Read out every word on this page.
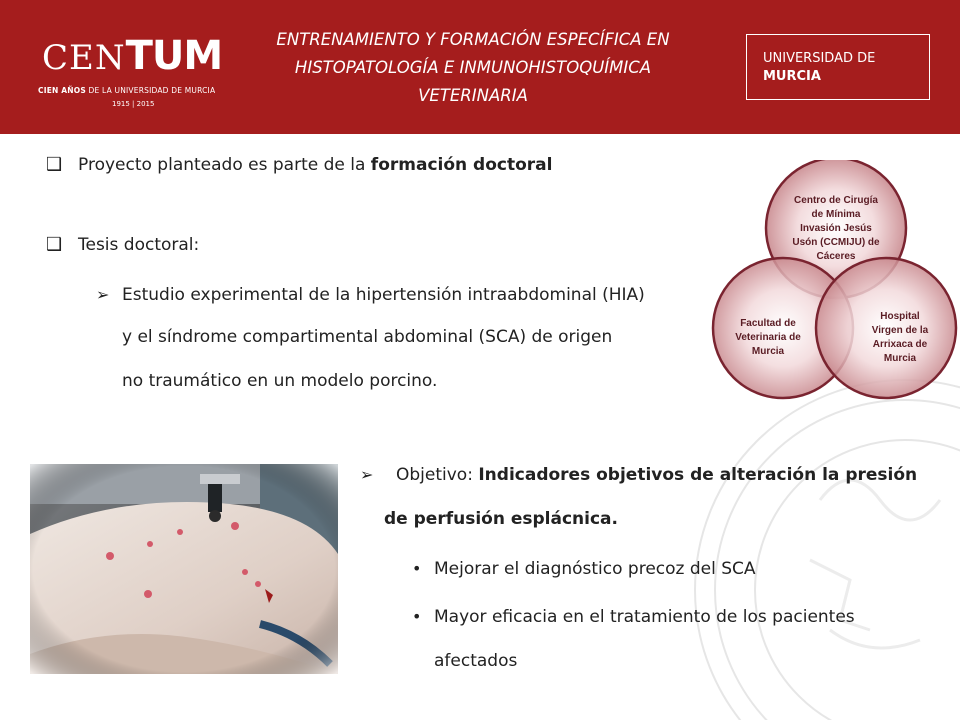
CENTUM
CIEN AÑOS DE LA UNIVERSIDAD DE MURCIA
1915 | 2015
ENTRENAMIENTO Y FORMACIÓN ESPECÍFICA EN
HISTOPATOLOGÍA E INMUNOHISTOQUÍMICA
VETERINARIA
UNIVERSIDAD DE
MURCIA
❑ Proyecto planteado es parte de la formación doctoral
❑ Tesis doctoral:
➢ Estudio experimental de la hipertensión intraabdominal (HIA)
y el síndrome compartimental abdominal (SCA) de origen
no traumático en un modelo porcino.
Centro de Cirugía
de Mínima
Invasión Jesús
Usón (CCMIJU) de
Cáceres
Facultad de
Veterinaria de
Murcia
Hospital
Virgen de la
Arrixaca de
Murcia
➢ Objetivo: Indicadores objetivos de alteración la presión
de perfusión esplácnica.
• Mejorar el diagnóstico precoz del SCA
• Mayor eficacia en el tratamiento de los pacientes
afectados
